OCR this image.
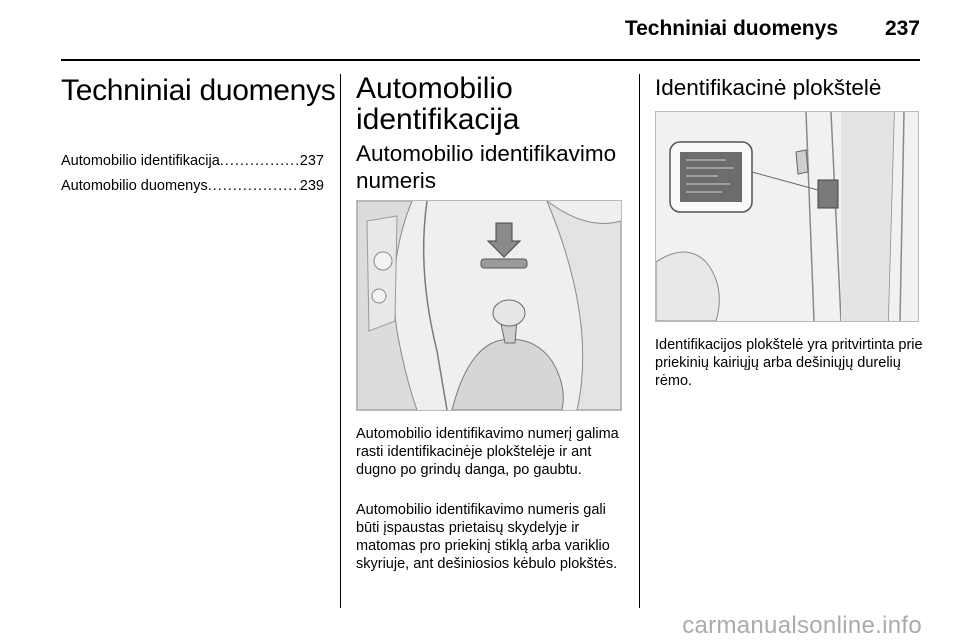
Techniniai duomenys 237
Techniniai duomenys
Automobilio identifikacija .....	237
Automobilio duomenys .....	239
Automobilio identifikacija
Automobilio identifikavimo numeris
Automobilio identifikavimo numerį galima rasti identifikacinėje plokštelėje ir ant dugno po grindų danga, po gaubtu.
Automobilio identifikavimo numeris gali būti įspaustas prietaisų skydelyje ir matomas pro priekinį stiklą arba variklio skyriuje, ant dešiniosios kėbulo plokštės.
Identifikacinė plokštelė
Identifikacijos plokštelė yra pritvirtinta prie priekinių kairiųjų arba dešiniųjų durelių rėmo.
carmanualsonline.info
